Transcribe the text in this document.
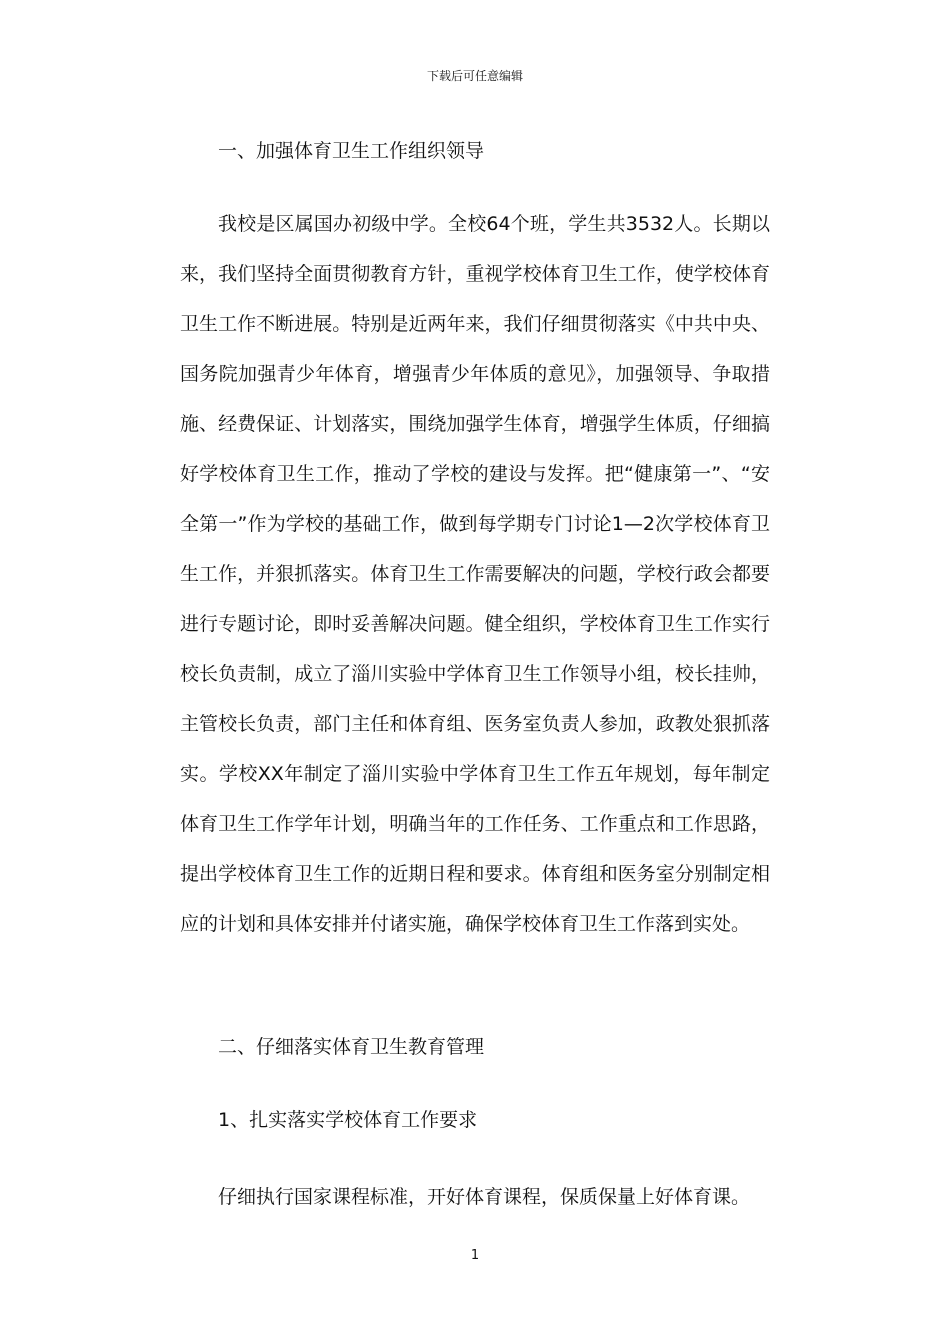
下载后可任意编辑
一、加强体育卫生工作组织领导
我校是区属国办初级中学。全校64个班，学生共3532人。长期以来，我们坚持全面贯彻教育方针，重视学校体育卫生工作，使学校体育卫生工作不断进展。特别是近两年来，我们仔细贯彻落实《中共中央、国务院加强青少年体育，增强青少年体质的意见》，加强领导、争取措施、经费保证、计划落实，围绕加强学生体育，增强学生体质，仔细搞好学校体育卫生工作，推动了学校的建设与发挥。把“健康第一”、“安全第一”作为学校的基础工作，做到每学期专门讨论1—2次学校体育卫生工作，并狠抓落实。体育卫生工作需要解决的问题，学校行政会都要进行专题讨论，即时妥善解决问题。健全组织，学校体育卫生工作实行校长负责制，成立了淄川实验中学体育卫生工作领导小组，校长挂帅，主管校长负责，部门主任和体育组、医务室负责人参加，政教处狠抓落实。学校XX年制定了淄川实验中学体育卫生工作五年规划，每年制定体育卫生工作学年计划，明确当年的工作任务、工作重点和工作思路，提出学校体育卫生工作的近期日程和要求。体育组和医务室分别制定相应的计划和具体安排并付诸实施，确保学校体育卫生工作落到实处。
二、仔细落实体育卫生教育管理
1、扎实落实学校体育工作要求
仔细执行国家课程标准，开好体育课程，保质保量上好体育课。
1
